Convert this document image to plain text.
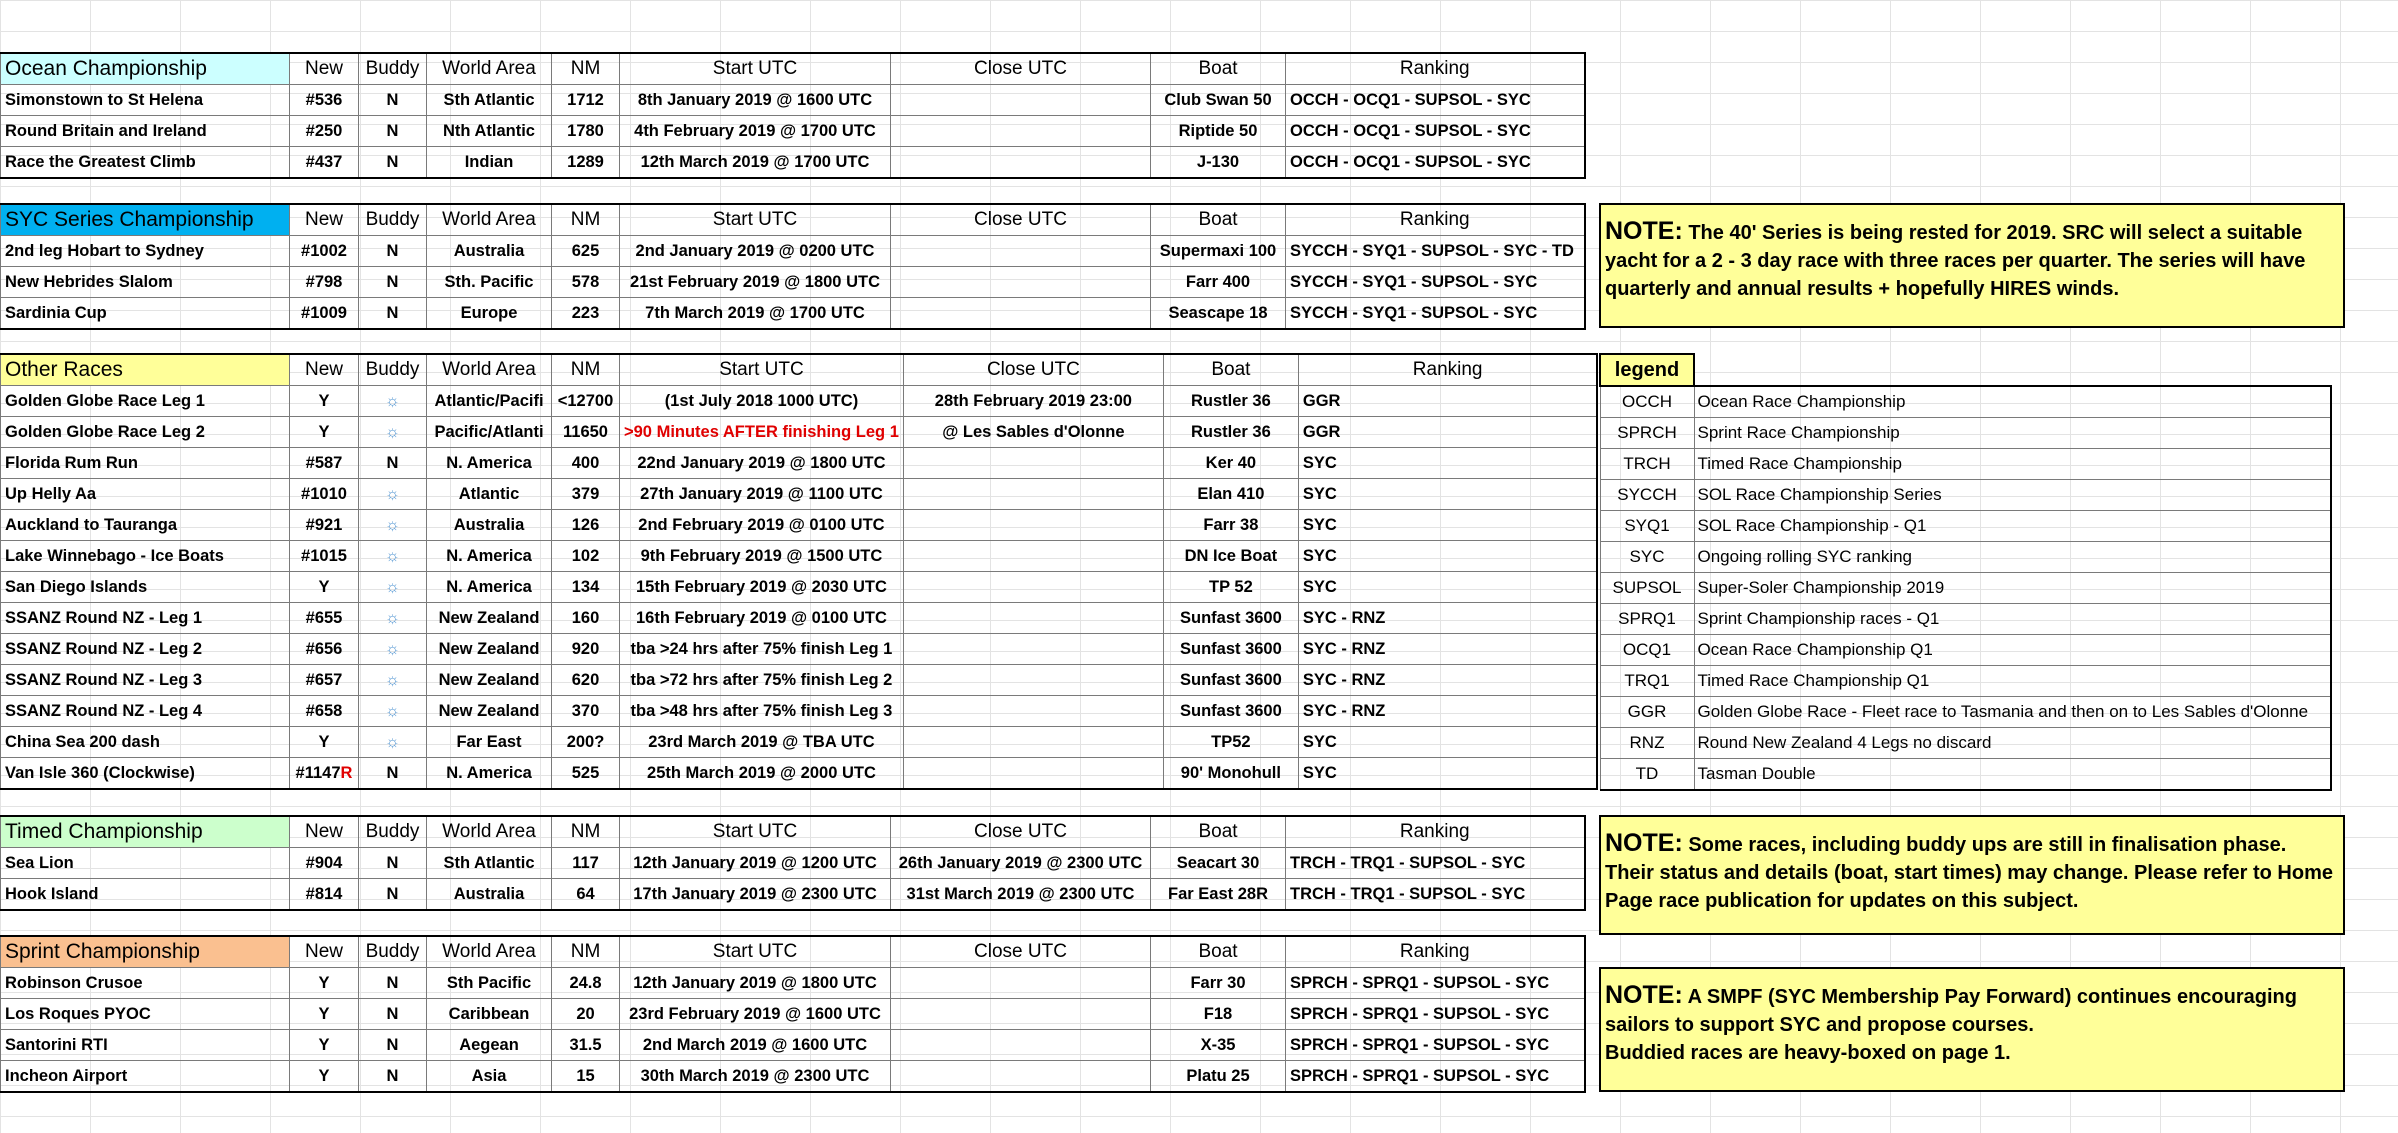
Ocean Championship	New	Buddy	World Area	NM	Start UTC	Close UTC	Boat	Ranking
Simonstown to St Helena	#536	N	Sth Atlantic	1712	8th January 2019 @ 1600 UTC		Club Swan 50	OCCH - OCQ1 - SUPSOL - SYC
Round Britain and Ireland	#250	N	Nth Atlantic	1780	4th February 2019 @ 1700 UTC		Riptide 50	OCCH - OCQ1 - SUPSOL - SYC
Race the Greatest Climb	#437	N	Indian	1289	12th March 2019 @ 1700 UTC		J-130	OCCH - OCQ1 - SUPSOL - SYC
SYC Series Championship	New	Buddy	World Area	NM	Start UTC	Close UTC	Boat	Ranking
2nd leg Hobart to Sydney	#1002	N	Australia	625	2nd January 2019 @ 0200 UTC		Supermaxi 100	SYCCH - SYQ1 - SUPSOL - SYC - TD
New Hebrides Slalom	#798	N	Sth. Pacific	578	21st February 2019 @ 1800 UTC		Farr 400	SYCCH - SYQ1 - SUPSOL - SYC
Sardinia Cup	#1009	N	Europe	223	7th March 2019 @ 1700 UTC		Seascape 18	SYCCH - SYQ1 - SUPSOL - SYC
Other Races	New	Buddy	World Area	NM	Start UTC	Close UTC	Boat	Ranking
Golden Globe Race Leg 1	Y	☼	Atlantic/Pacifi	<12700	(1st July 2018 1000 UTC)	28th February 2019 23:00	Rustler 36	GGR
Golden Globe Race Leg 2	Y	☼	Pacific/Atlanti	11650	>90 Minutes AFTER finishing Leg 1	@ Les Sables d'Olonne	Rustler 36	GGR
Florida Rum Run	#587	N	N. America	400	22nd January 2019 @ 1800 UTC		Ker 40	SYC
Up Helly Aa	#1010	☼	Atlantic	379	27th January 2019 @ 1100 UTC		Elan 410	SYC
Auckland to Tauranga	#921	☼	Australia	126	2nd February 2019 @ 0100 UTC		Farr 38	SYC
Lake Winnebago - Ice Boats	#1015	☼	N. America	102	9th February 2019 @ 1500 UTC		DN Ice Boat	SYC
San Diego Islands	Y	☼	N. America	134	15th February 2019 @ 2030 UTC		TP 52	SYC
SSANZ Round NZ - Leg 1	#655	☼	New Zealand	160	16th February 2019 @ 0100 UTC		Sunfast 3600	SYC - RNZ
SSANZ Round NZ - Leg 2	#656	☼	New Zealand	920	tba >24 hrs after 75% finish Leg 1		Sunfast 3600	SYC - RNZ
SSANZ Round NZ - Leg 3	#657	☼	New Zealand	620	tba >72 hrs after 75% finish Leg 2		Sunfast 3600	SYC - RNZ
SSANZ Round NZ - Leg 4	#658	☼	New Zealand	370	tba >48 hrs after 75% finish Leg 3		Sunfast 3600	SYC - RNZ
China Sea 200 dash	Y	☼	Far East	200?	23rd March 2019 @ TBA UTC		TP52	SYC
Van Isle 360 (Clockwise)	#1147R	N	N. America	525	25th March 2019 @ 2000 UTC		90' Monohull	SYC
Timed Championship	New	Buddy	World Area	NM	Start UTC	Close UTC	Boat	Ranking
Sea Lion	#904	N	Sth Atlantic	117	12th January 2019 @ 1200 UTC	26th January 2019 @ 2300 UTC	Seacart 30	TRCH - TRQ1 - SUPSOL - SYC
Hook Island	#814	N	Australia	64	17th January 2019 @ 2300 UTC	31st March 2019 @ 2300 UTC	Far East 28R	TRCH - TRQ1 - SUPSOL - SYC
Sprint Championship	New	Buddy	World Area	NM	Start UTC	Close UTC	Boat	Ranking
Robinson Crusoe	Y	N	Sth Pacific	24.8	12th January 2019 @ 1800 UTC		Farr 30	SPRCH - SPRQ1 - SUPSOL - SYC
Los Roques PYOC	Y	N	Caribbean	20	23rd February 2019 @ 1600 UTC		F18	SPRCH - SPRQ1 - SUPSOL - SYC
Santorini RTI	Y	N	Aegean	31.5	2nd March 2019 @ 1600 UTC		X-35	SPRCH - SPRQ1 - SUPSOL - SYC
Incheon Airport	Y	N	Asia	15	30th March 2019 @ 2300 UTC		Platu 25	SPRCH - SPRQ1 - SUPSOL - SYC
NOTE: The 40' Series is being rested for 2019. SRC will select a suitable yacht for a 2 - 3 day race with three races per quarter. The series will have quarterly and annual results + hopefully HIRES winds.
NOTE: Some races, including buddy ups are still in finalisation phase. Their status and details (boat, start times) may change. Please refer to Home Page race publication for updates on this subject.
NOTE: A SMPF (SYC Membership Pay Forward) continues encouraging sailors to support SYC and propose courses.
Buddied races are heavy-boxed on page 1.
legend	
OCCH	Ocean Race Championship
SPRCH	Sprint Race Championship
TRCH	Timed Race Championship
SYCCH	SOL Race Championship Series
SYQ1	SOL Race Championship - Q1
SYC	Ongoing rolling SYC ranking
SUPSOL	Super-Soler Championship 2019
SPRQ1	Sprint Championship races - Q1
OCQ1	Ocean Race Championship Q1
TRQ1	Timed Race Championship Q1
GGR	Golden Globe Race - Fleet race to Tasmania and then on to Les Sables d'Olonne
RNZ	Round New Zealand 4 Legs no discard
TD	Tasman Double
